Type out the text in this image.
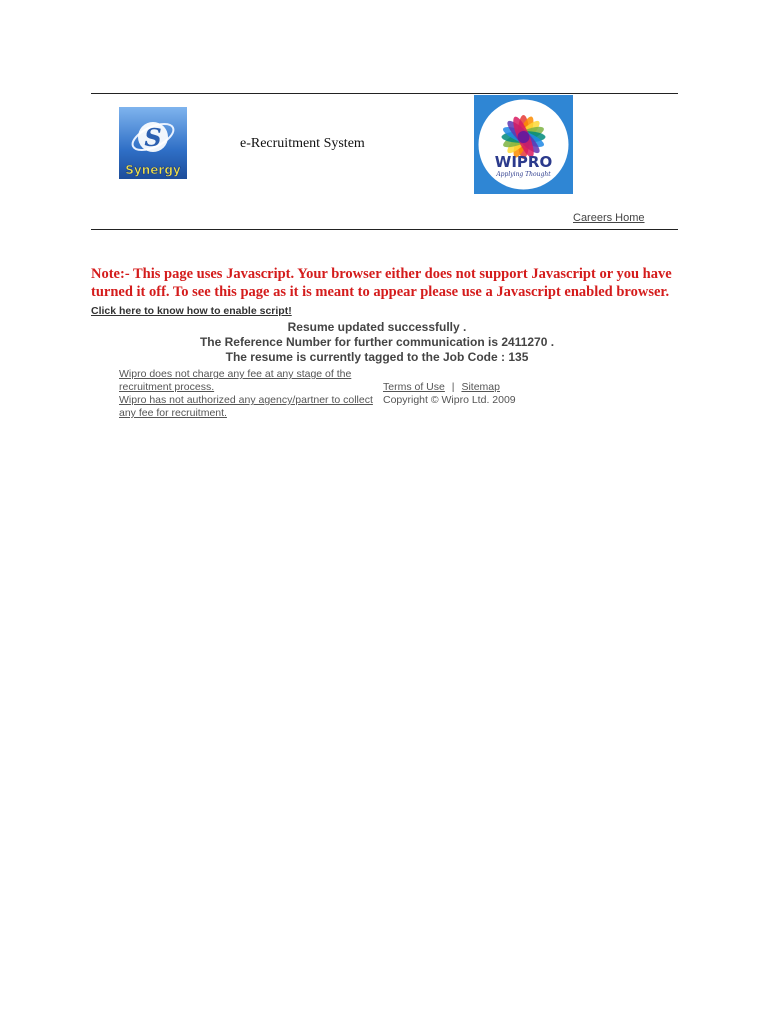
S
Synergy
e-Recruitment System
WIPRO
Applying Thought
Careers Home
Note:- This page uses Javascript. Your browser either does not support Javascript or you have turned it off. To see this page as it is meant to appear please use a Javascript enabled browser. Click here to know how to enable script!
Resume updated successfully .
The Reference Number for further communication is 2411270 .
The resume is currently tagged to the Job Code : 135
Wipro does not charge any fee at any stage of the recruitment process.
Wipro has not authorized any agency/partner to collect any fee for recruitment.
Terms of Use | Sitemap
Copyright © Wipro Ltd. 2009
